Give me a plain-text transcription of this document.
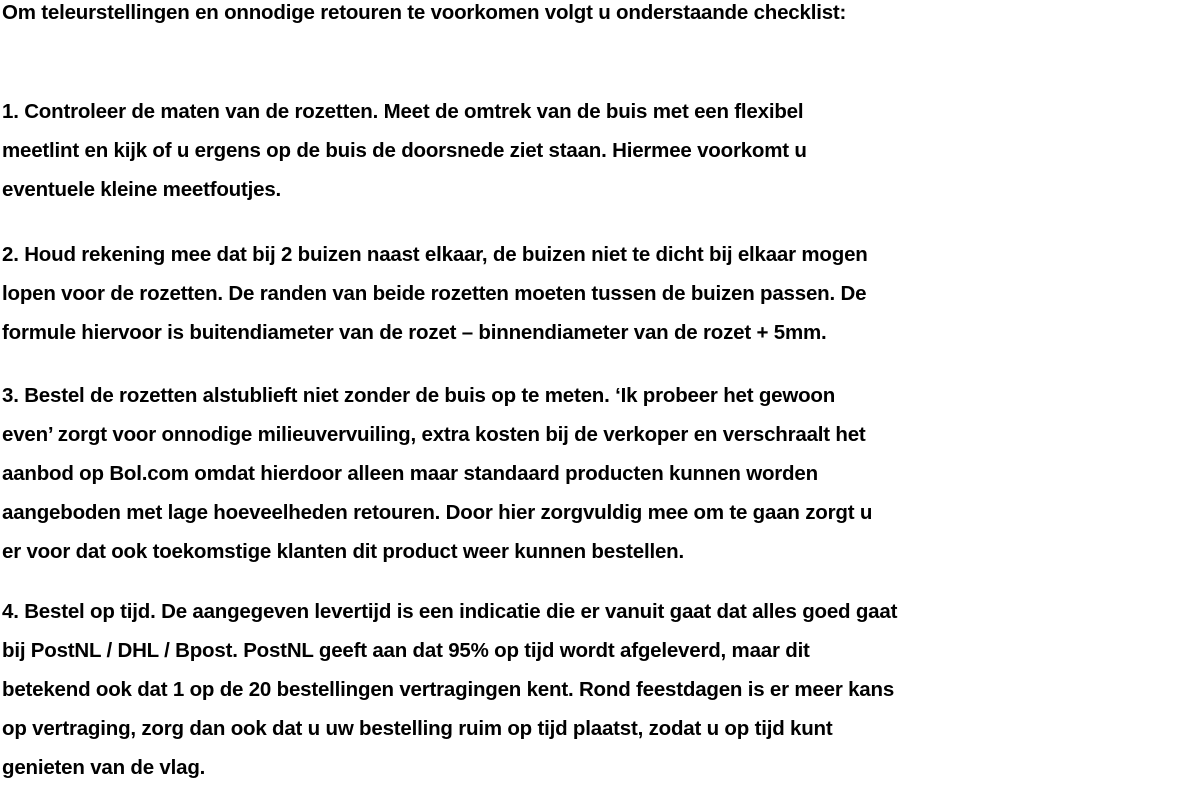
Om teleurstellingen en onnodige retouren te voorkomen volgt u onderstaande checklist:
1. Controleer de maten van de rozetten. Meet de omtrek van de buis met een flexibel
meetlint en kijk of u ergens op de buis de doorsnede ziet staan. Hiermee voorkomt u
eventuele kleine meetfoutjes.
2. Houd rekening mee dat bij 2 buizen naast elkaar, de buizen niet te dicht bij elkaar mogen
lopen voor de rozetten. De randen van beide rozetten moeten tussen de buizen passen. De
formule hiervoor is buitendiameter van de rozet – binnendiameter van de rozet + 5mm.
3. Bestel de rozetten alstublieft niet zonder de buis op te meten. ‘Ik probeer het gewoon
even’ zorgt voor onnodige milieuvervuiling, extra kosten bij de verkoper en verschraalt het
aanbod op Bol.com omdat hierdoor alleen maar standaard producten kunnen worden
aangeboden met lage hoeveelheden retouren. Door hier zorgvuldig mee om te gaan zorgt u
er voor dat ook toekomstige klanten dit product weer kunnen bestellen.
4. Bestel op tijd. De aangegeven levertijd is een indicatie die er vanuit gaat dat alles goed gaat
bij PostNL / DHL / Bpost. PostNL geeft aan dat 95% op tijd wordt afgeleverd, maar dit
betekend ook dat 1 op de 20 bestellingen vertragingen kent. Rond feestdagen is er meer kans
op vertraging, zorg dan ook dat u uw bestelling ruim op tijd plaatst, zodat u op tijd kunt
genieten van de vlag.
